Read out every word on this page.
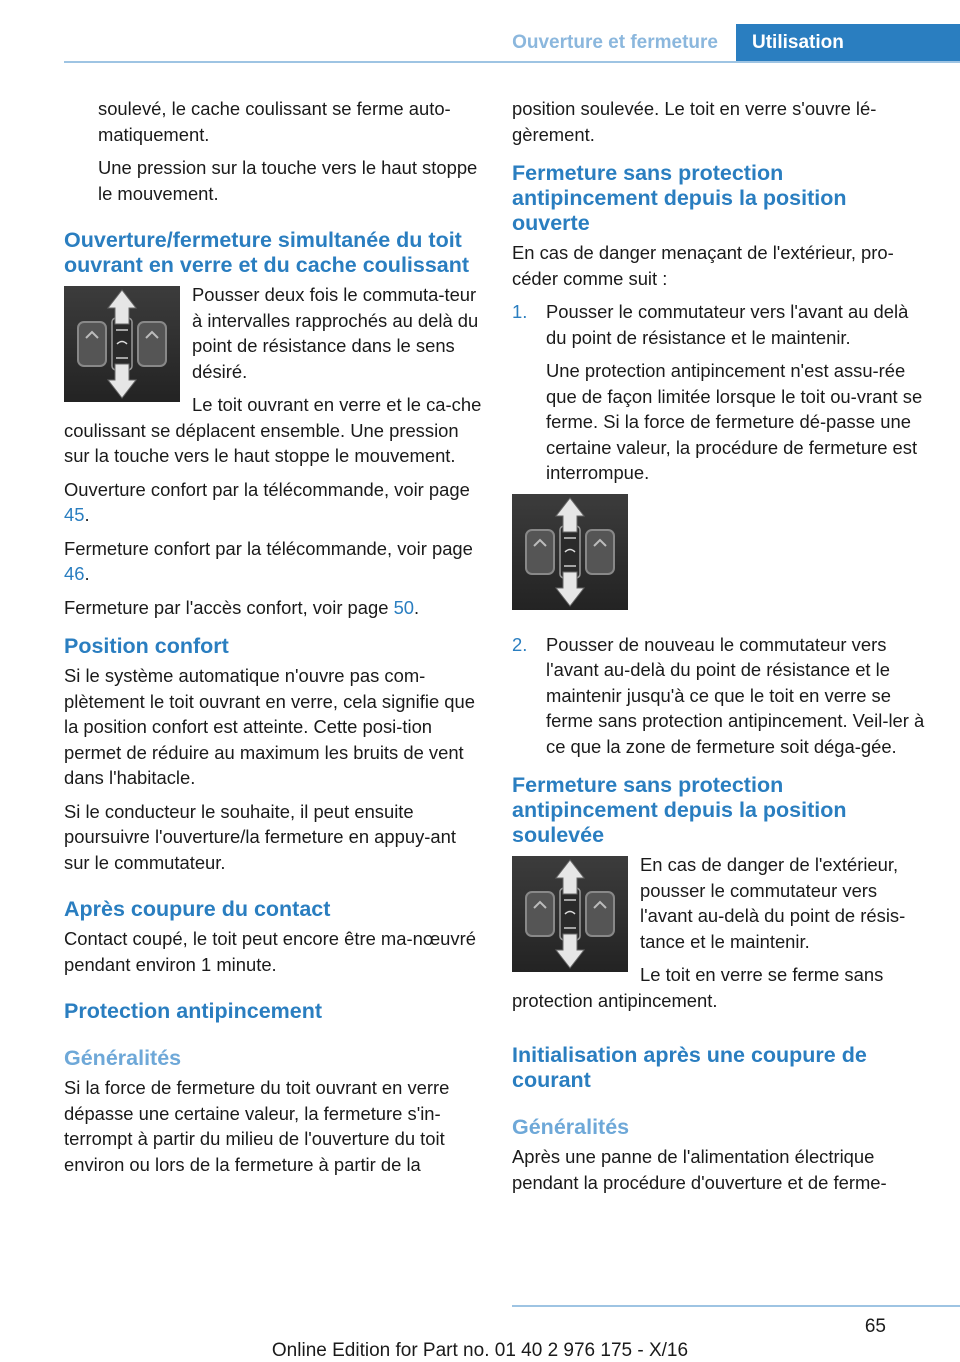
Ouverture et fermeture	Utilisation

soulevé, le cache coulissant se ferme auto-matiquement.

Une pression sur la touche vers le haut stoppe le mouvement.

Ouverture/fermeture simultanée du toit ouvrant en verre et du cache coulissant

Pousser deux fois le commuta-teur à intervalles rapprochés au delà du point de résistance dans le sens désiré.

Le toit ouvrant en verre et le ca-che coulissant se déplacent ensemble. Une pression sur la touche vers le haut stoppe le mouvement.

Ouverture confort par la télécommande, voir page 45.

Fermeture confort par la télécommande, voir page 46.

Fermeture par l'accès confort, voir page 50.

Position confort

Si le système automatique n'ouvre pas com-plètement le toit ouvrant en verre, cela signifie que la position confort est atteinte. Cette posi-tion permet de réduire au maximum les bruits de vent dans l'habitacle.

Si le conducteur le souhaite, il peut ensuite poursuivre l'ouverture/la fermeture en appuy-ant sur le commutateur.

Après coupure du contact

Contact coupé, le toit peut encore être ma-nœuvré pendant environ 1 minute.

Protection antipincement
Généralités

Si la force de fermeture du toit ouvrant en verre dépasse une certaine valeur, la fermeture s'in-terrompt à partir du milieu de l'ouverture du toit environ ou lors de la fermeture à partir de la

position soulevée. Le toit en verre s'ouvre lé-gèrement.

Fermeture sans protection antipincement depuis la position ouverte

En cas de danger menaçant de l'extérieur, pro-céder comme suit :

1. Pousser le commutateur vers l'avant au delà du point de résistance et le maintenir.

Une protection antipincement n'est assu-rée que de façon limitée lorsque le toit ou-vrant se ferme. Si la force de fermeture dé-passe une certaine valeur, la procédure de fermeture est interrompue.

2. Pousser de nouveau le commutateur vers l'avant au-delà du point de résistance et le maintenir jusqu'à ce que le toit en verre se ferme sans protection antipincement. Veil-ler à ce que la zone de fermeture soit déga-gée.

Fermeture sans protection antipincement depuis la position soulevée

En cas de danger de l'extérieur, pousser le commutateur vers l'avant au-delà du point de résis-tance et le maintenir.

Le toit en verre se ferme sans protection antipincement.

Initialisation après une coupure de courant
Généralités

Après une panne de l'alimentation électrique pendant la procédure d'ouverture et de ferme-

65
Online Edition for Part no. 01 40 2 976 175 - X/16
